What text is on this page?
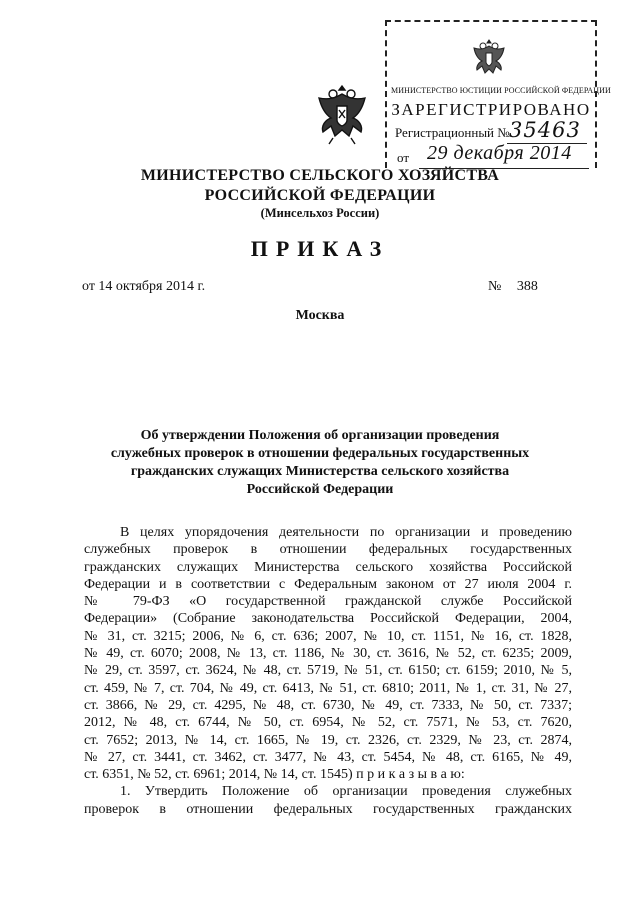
МИНИСТЕРСТВО ЮСТИЦИИ РОССИЙСКОЙ ФЕДЕРАЦИИ
ЗАРЕГИСТРИРОВАНО
Регистрационный № 35463
от 29 декабря 2014
МИНИСТЕРСТВО СЕЛЬСКОГО ХОЗЯЙСТВА
РОССИЙСКОЙ ФЕДЕРАЦИИ
(Минсельхоз России)
ПРИКАЗ
от 14 октября 2014 г.	№ 388
Москва
Об утверждении Положения об организации проведения
служебных проверок в отношении федеральных государственных
гражданских служащих Министерства сельского хозяйства
Российской Федерации
В целях упорядочения деятельности по организации и проведению
служебных проверок в отношении федеральных государственных
гражданских служащих Министерства сельского хозяйства Российской
Федерации и в соответствии с Федеральным законом от 27 июля 2004 г.
№ 79-ФЗ «О государственной гражданской службе Российской
Федерации» (Собрание законодательства Российской Федерации, 2004,
№ 31, ст. 3215; 2006, № 6, ст. 636; 2007, № 10, ст. 1151, № 16, ст. 1828,
№ 49, ст. 6070; 2008, № 13, ст. 1186, № 30, ст. 3616, № 52, ст. 6235; 2009,
№ 29, ст. 3597, ст. 3624, № 48, ст. 5719, № 51, ст. 6150; ст. 6159; 2010, № 5,
ст. 459, № 7, ст. 704, № 49, ст. 6413, № 51, ст. 6810; 2011, № 1, ст. 31, № 27,
ст. 3866, № 29, ст. 4295, № 48, ст. 6730, № 49, ст. 7333, № 50, ст. 7337;
2012, № 48, ст. 6744, № 50, ст. 6954, № 52, ст. 7571, № 53, ст. 7620,
ст. 7652; 2013, № 14, ст. 1665, № 19, ст. 2326, ст. 2329, № 23, ст. 2874,
№ 27, ст. 3441, ст. 3462, ст. 3477, № 43, ст. 5454, № 48, ст. 6165, № 49,
ст. 6351, № 52, ст. 6961; 2014, № 14, ст. 1545) п р и к а з ы в а ю:
1. Утвердить Положение об организации проведения служебных
проверок в отношении федеральных государственных гражданских
